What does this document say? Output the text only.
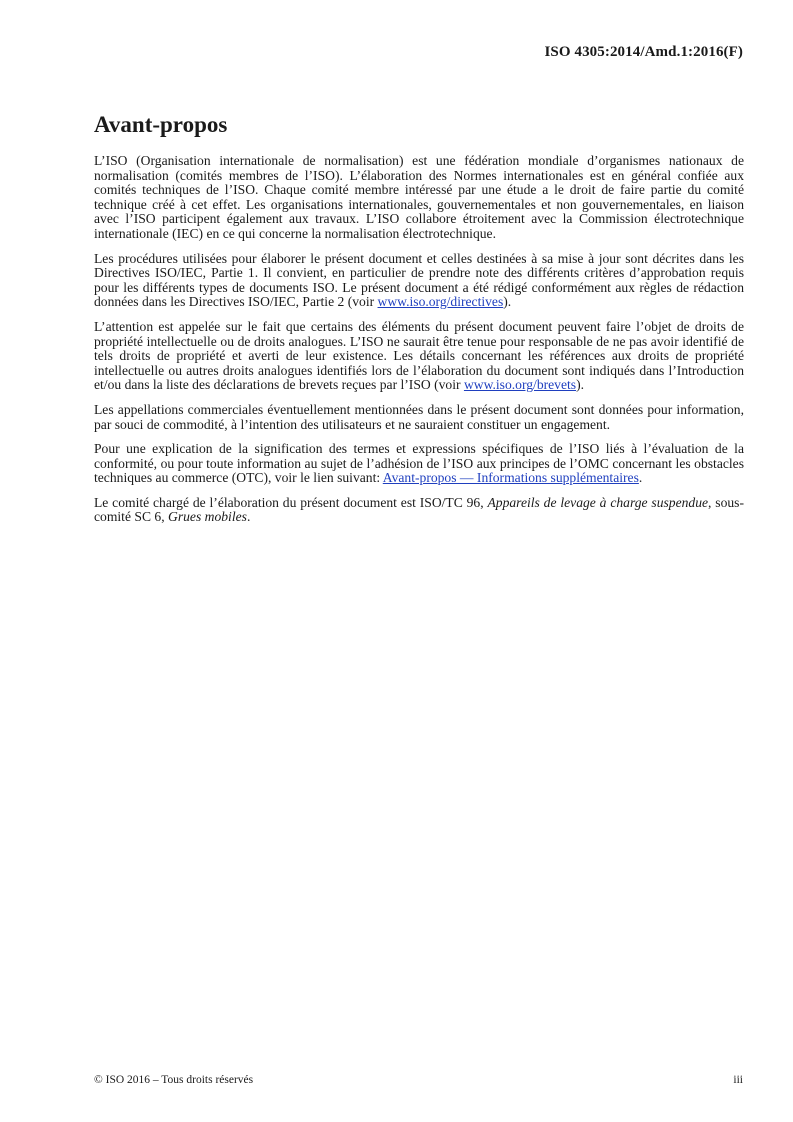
ISO 4305:2014/Amd.1:2016(F)
Avant-propos

L’ISO (Organisation internationale de normalisation) est une fédération mondiale d’organismes nationaux de normalisation (comités membres de l’ISO). L’élaboration des Normes internationales est en général confiée aux comités techniques de l’ISO. Chaque comité membre intéressé par une étude a le droit de faire partie du comité technique créé à cet effet. Les organisations internationales, gouvernementales et non gouvernementales, en liaison avec l’ISO participent également aux travaux. L’ISO collabore étroitement avec la Commission électrotechnique internationale (IEC) en ce qui concerne la normalisation électrotechnique.

Les procédures utilisées pour élaborer le présent document et celles destinées à sa mise à jour sont décrites dans les Directives ISO/IEC, Partie 1. Il convient, en particulier de prendre note des différents critères d’approbation requis pour les différents types de documents ISO. Le présent document a été rédigé conformément aux règles de rédaction données dans les Directives ISO/IEC, Partie 2 (voir www.iso.org/directives).

L’attention est appelée sur le fait que certains des éléments du présent document peuvent faire l’objet de droits de propriété intellectuelle ou de droits analogues. L’ISO ne saurait être tenue pour responsable de ne pas avoir identifié de tels droits de propriété et averti de leur existence. Les détails concernant les références aux droits de propriété intellectuelle ou autres droits analogues identifiés lors de l’élaboration du document sont indiqués dans l’Introduction et/ou dans la liste des déclarations de brevets reçues par l’ISO (voir www.iso.org/brevets).

Les appellations commerciales éventuellement mentionnées dans le présent document sont données pour information, par souci de commodité, à l’intention des utilisateurs et ne sauraient constituer un engagement.

Pour une explication de la signification des termes et expressions spécifiques de l’ISO liés à l’évaluation de la conformité, ou pour toute information au sujet de l’adhésion de l’ISO aux principes de l’OMC concernant les obstacles techniques au commerce (OTC), voir le lien suivant: Avant-propos — Informations supplémentaires.

Le comité chargé de l’élaboration du présent document est ISO/TC 96, Appareils de levage à charge suspendue, sous-comité SC 6, Grues mobiles.

© ISO 2016 – Tous droits réservés	iii
